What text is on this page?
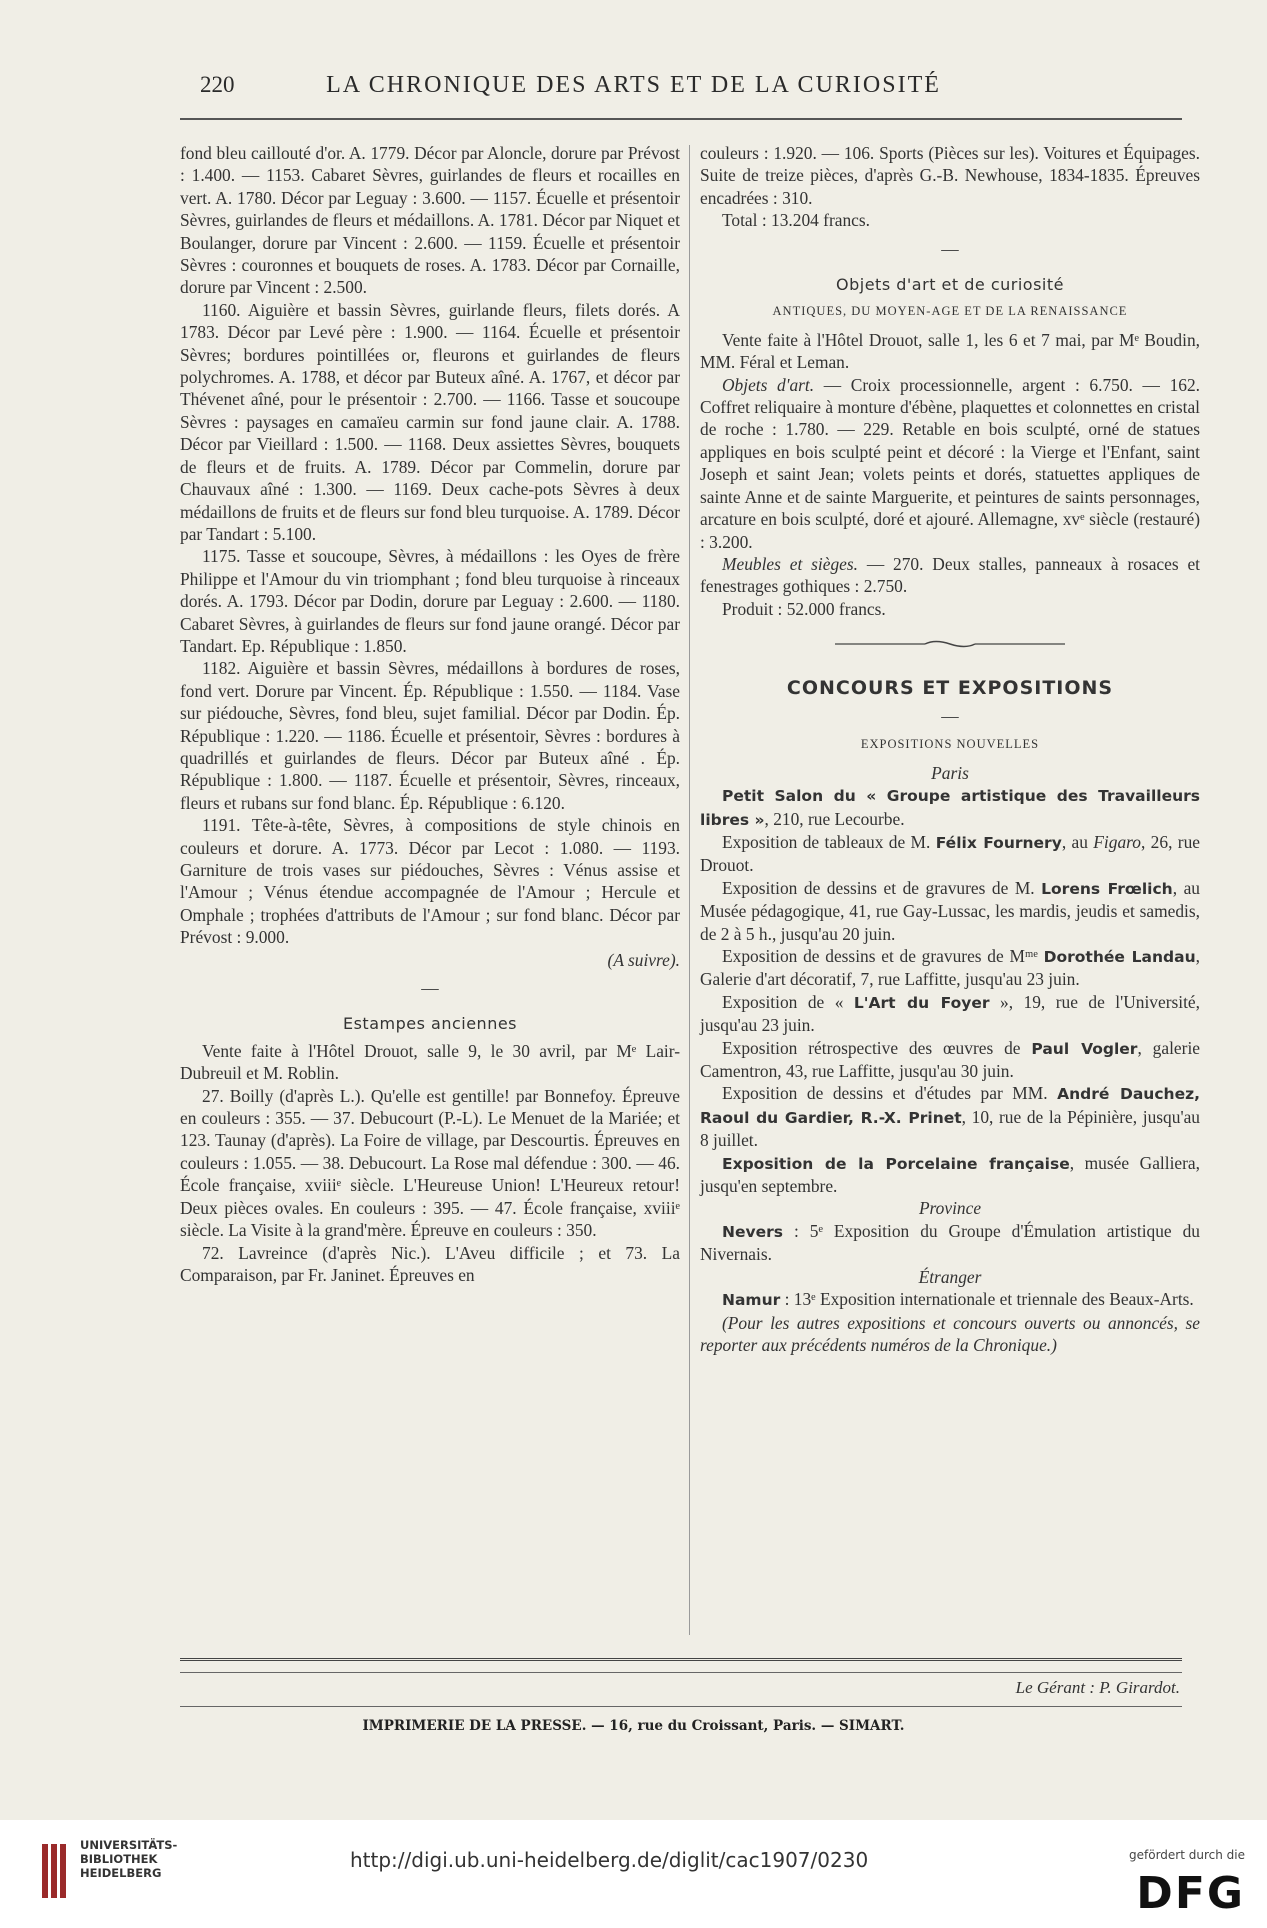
220	LA CHRONIQUE DES ARTS ET DE LA CURIOSITÉ

fond bleu caillouté d'or. A. 1779. Décor par Aloncle, dorure par Prévost : 1.400. — 1153. Cabaret Sèvres, guirlandes de fleurs et rocailles en vert. A. 1780. Décor par Leguay : 3.600. — 1157. Écuelle et présentoir Sèvres, guirlandes de fleurs et médaillons. A. 1781. Décor par Niquet et Boulanger, dorure par Vincent : 2.600. — 1159. Écuelle et présentoir Sèvres : couronnes et bouquets de roses. A. 1783. Décor par Cornaille, dorure par Vincent : 2.500.

1160. Aiguière et bassin Sèvres, guirlande fleurs, filets dorés. A 1783. Décor par Levé père : 1.900. — 1164. Écuelle et présentoir Sèvres; bordures pointillées or, fleurons et guirlandes de fleurs polychromes. A. 1788, et décor par Buteux aîné. A. 1767, et décor par Thévenet aîné, pour le présentoir : 2.700. — 1166. Tasse et soucoupe Sèvres : paysages en camaïeu carmin sur fond jaune clair. A. 1788. Décor par Vieillard : 1.500. — 1168. Deux assiettes Sèvres, bouquets de fleurs et de fruits. A. 1789. Décor par Commelin, dorure par Chauvaux aîné : 1.300. — 1169. Deux cache-pots Sèvres à deux médaillons de fruits et de fleurs sur fond bleu turquoise. A. 1789. Décor par Tandart : 5.100.

1175. Tasse et soucoupe, Sèvres, à médaillons : les Oyes de frère Philippe et l'Amour du vin triomphant ; fond bleu turquoise à rinceaux dorés. A. 1793. Décor par Dodin, dorure par Leguay : 2.600. — 1180. Cabaret Sèvres, à guirlandes de fleurs sur fond jaune orangé. Décor par Tandart. Ep. République : 1.850.

1182. Aiguière et bassin Sèvres, médaillons à bordures de roses, fond vert. Dorure par Vincent. Ép. République : 1.550. — 1184. Vase sur piédouche, Sèvres, fond bleu, sujet familial. Décor par Dodin. Ép. République : 1.220. — 1186. Écuelle et présentoir, Sèvres : bordures à quadrillés et guirlandes de fleurs. Décor par Buteux aîné . Ép. République : 1.800. — 1187. Écuelle et présentoir, Sèvres, rinceaux, fleurs et rubans sur fond blanc. Ép. République : 6.120.

1191. Tête-à-tête, Sèvres, à compositions de style chinois en couleurs et dorure. A. 1773. Décor par Lecot : 1.080. — 1193. Garniture de trois vases sur piédouches, Sèvres : Vénus assise et l'Amour ; Vénus étendue accompagnée de l'Amour ; Hercule et Omphale ; trophées d'attributs de l'Amour ; sur fond blanc. Décor par Prévost : 9.000.

(A suivre).

—
Estampes anciennes

Vente faite à l'Hôtel Drouot, salle 9, le 30 avril, par Mᵉ Lair-Dubreuil et M. Roblin.

27. Boilly (d'après L.). Qu'elle est gentille! par Bonnefoy. Épreuve en couleurs : 355. — 37. Debucourt (P.-L). Le Menuet de la Mariée; et 123. Taunay (d'après). La Foire de village, par Descourtis. Épreuves en couleurs : 1.055. — 38. Debucourt. La Rose mal défendue : 300. — 46. École française, xviiiᵉ siècle. L'Heureuse Union! L'Heureux retour! Deux pièces ovales. En couleurs : 395. — 47. École française, xviiiᵉ siècle. La Visite à la grand'mère. Épreuve en couleurs : 350.

72. Lavreince (d'après Nic.). L'Aveu difficile ; et 73. La Comparaison, par Fr. Janinet. Épreuves en

couleurs : 1.920. — 106. Sports (Pièces sur les). Voitures et Équipages. Suite de treize pièces, d'après G.-B. Newhouse, 1834-1835. Épreuves encadrées : 310.

Total : 13.204 francs.

—
Objets d'art et de curiosité
ANTIQUES, DU MOYEN-AGE ET DE LA RENAISSANCE

Vente faite à l'Hôtel Drouot, salle 1, les 6 et 7 mai, par Mᵉ Boudin, MM. Féral et Leman.

Objets d'art. — Croix processionnelle, argent : 6.750. — 162. Coffret reliquaire à monture d'ébène, plaquettes et colonnettes en cristal de roche : 1.780. — 229. Retable en bois sculpté, orné de statues appliques en bois sculpté peint et décoré : la Vierge et l'Enfant, saint Joseph et saint Jean; volets peints et dorés, statuettes appliques de sainte Anne et de sainte Marguerite, et peintures de saints personnages, arcature en bois sculpté, doré et ajouré. Allemagne, xvᵉ siècle (restauré) : 3.200.

Meubles et sièges. — 270. Deux stalles, panneaux à rosaces et fenestrages gothiques : 2.750.

Produit : 52.000 francs.

CONCOURS ET EXPOSITIONS
—
EXPOSITIONS NOUVELLES

Paris

Petit Salon du « Groupe artistique des Travailleurs libres », 210, rue Lecourbe.

Exposition de tableaux de M. Félix Fournery, au Figaro, 26, rue Drouot.

Exposition de dessins et de gravures de M. Lorens Frœlich, au Musée pédagogique, 41, rue Gay-Lussac, les mardis, jeudis et samedis, de 2 à 5 h., jusqu'au 20 juin.

Exposition de dessins et de gravures de Mᵐᵉ Dorothée Landau, Galerie d'art décoratif, 7, rue Laffitte, jusqu'au 23 juin.

Exposition de « L'Art du Foyer », 19, rue de l'Université, jusqu'au 23 juin.

Exposition rétrospective des œuvres de Paul Vogler, galerie Camentron, 43, rue Laffitte, jusqu'au 30 juin.

Exposition de dessins et d'études par MM. André Dauchez, Raoul du Gardier, R.-X. Prinet, 10, rue de la Pépinière, jusqu'au 8 juillet.

Exposition de la Porcelaine française, musée Galliera, jusqu'en septembre.

Province

Nevers : 5ᵉ Exposition du Groupe d'Émulation artistique du Nivernais.

Étranger

Namur : 13ᵉ Exposition internationale et triennale des Beaux-Arts.

(Pour les autres expositions et concours ouverts ou annoncés, se reporter aux précédents numéros de la Chronique.)

Le Gérant : P. Girardot.
IMPRIMERIE DE LA PRESSE. — 16, rue du Croissant, Paris. — SIMART.
UNIVERSITÄTS-
BIBLIOTHEK
HEIDELBERG
http://digi.ub.uni-heidelberg.de/diglit/cac1907/0230	gefördert durch die
DFG
